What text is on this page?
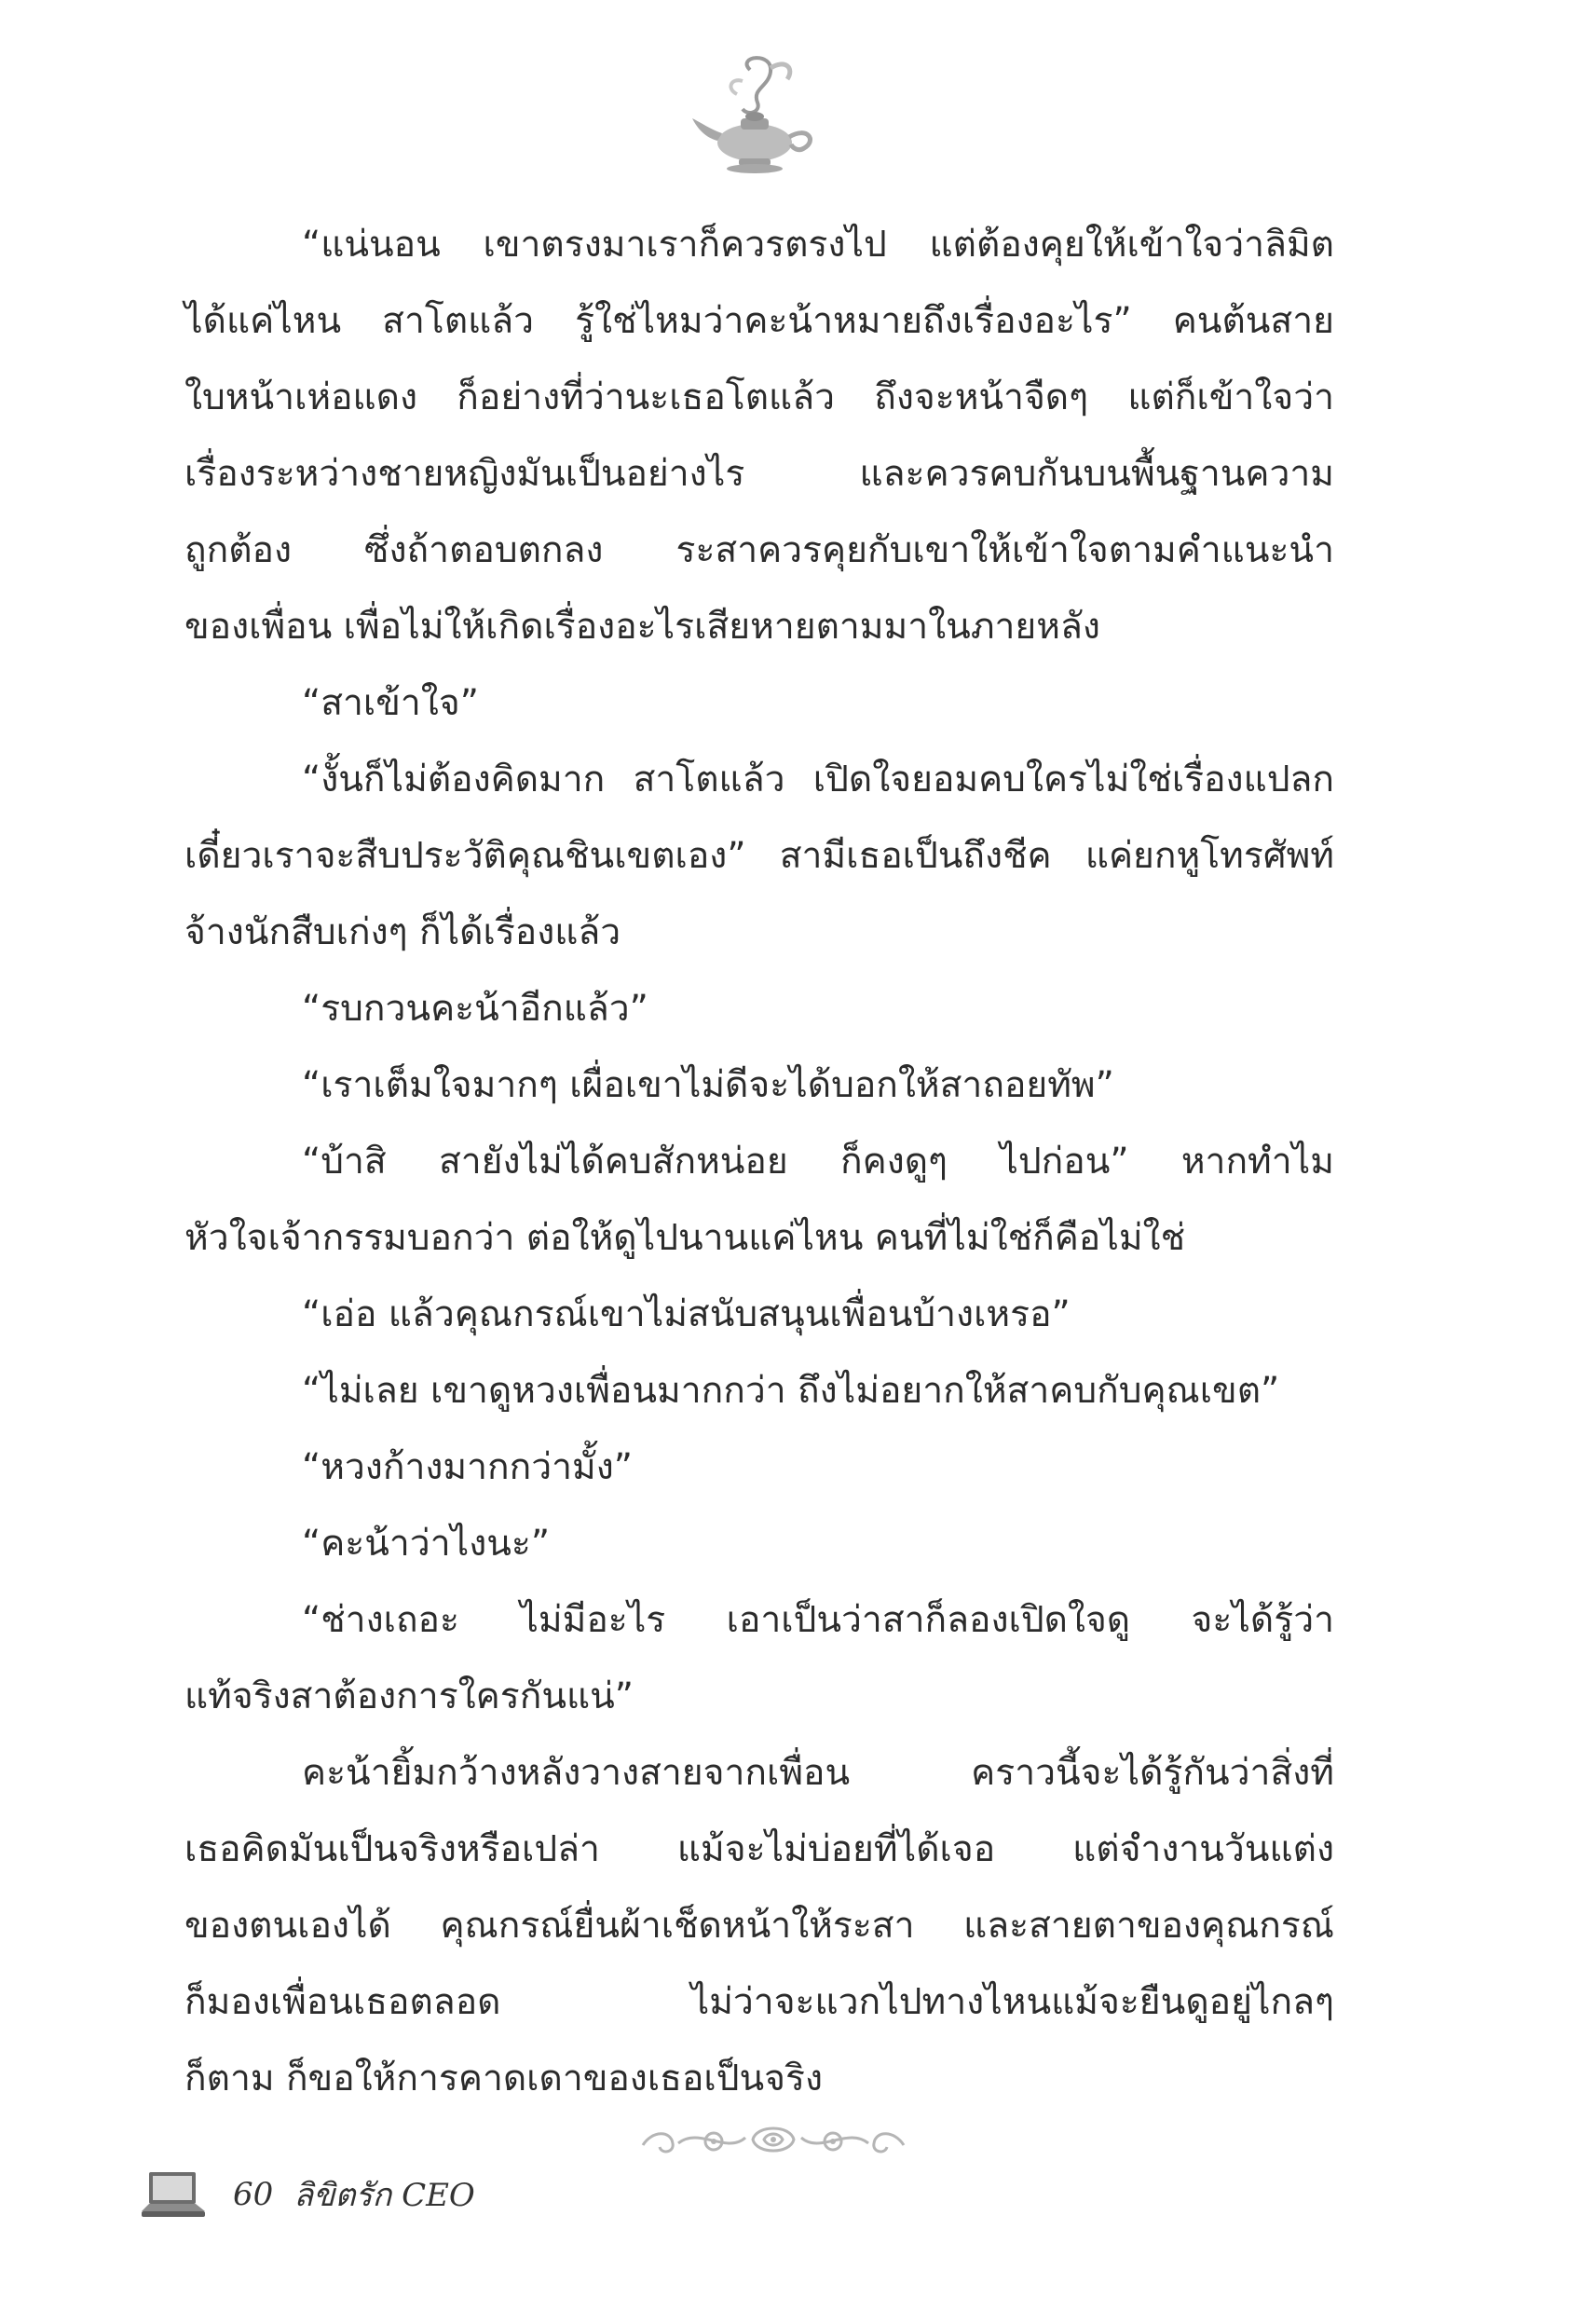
“แน่นอน เขาตรงมาเราก็ควรตรงไป แต่ต้องคุยให้เข้าใจว่าลิมิต
ได้แค่ไหน สาโตแล้ว รู้ใช่ไหมว่าคะน้าหมายถึงเรื่องอะไร” คนต้นสาย
ใบหน้าเห่อแดง ก็อย่างที่ว่านะเธอโตแล้ว ถึงจะหน้าจืดๆ แต่ก็เข้าใจว่า
เรื่องระหว่างชายหญิงมันเป็นอย่างไร และควรคบกันบนพื้นฐานความ
ถูกต้อง ซึ่งถ้าตอบตกลง ระสาควรคุยกับเขาให้เข้าใจตามคำแนะนำ
ของเพื่อน เพื่อไม่ให้เกิดเรื่องอะไรเสียหายตามมาในภายหลัง
“สาเข้าใจ”
“งั้นก็ไม่ต้องคิดมาก สาโตแล้ว เปิดใจยอมคบใครไม่ใช่เรื่องแปลก
เดี๋ยวเราจะสืบประวัติคุณชินเขตเอง” สามีเธอเป็นถึงชีค แค่ยกหูโทรศัพท์
จ้างนักสืบเก่งๆ ก็ได้เรื่องแล้ว
“รบกวนคะน้าอีกแล้ว”
“เราเต็มใจมากๆ เผื่อเขาไม่ดีจะได้บอกให้สาถอยทัพ”
“บ้าสิ สายังไม่ได้คบสักหน่อย ก็คงดูๆ ไปก่อน” หากทำไม
หัวใจเจ้ากรรมบอกว่า ต่อให้ดูไปนานแค่ไหน คนที่ไม่ใช่ก็คือไม่ใช่
“เอ่อ แล้วคุณกรณ์เขาไม่สนับสนุนเพื่อนบ้างเหรอ”
“ไม่เลย เขาดูหวงเพื่อนมากกว่า ถึงไม่อยากให้สาคบกับคุณเขต”
“หวงก้างมากกว่ามั้ง”
“คะน้าว่าไงนะ”
“ช่างเถอะ ไม่มีอะไร เอาเป็นว่าสาก็ลองเปิดใจดู จะได้รู้ว่า
แท้จริงสาต้องการใครกันแน่”
คะน้ายิ้มกว้างหลังวางสายจากเพื่อน คราวนี้จะได้รู้กันว่าสิ่งที่
เธอคิดมันเป็นจริงหรือเปล่า แม้จะไม่บ่อยที่ได้เจอ แต่จำงานวันแต่ง
ของตนเองได้ คุณกรณ์ยื่นผ้าเช็ดหน้าให้ระสา และสายตาของคุณกรณ์
ก็มองเพื่อนเธอตลอด ไม่ว่าจะแวกไปทางไหนแม้จะยืนดูอยู่ไกลๆ
ก็ตาม ก็ขอให้การคาดเดาของเธอเป็นจริง
60 ลิขิตรัก CEO
